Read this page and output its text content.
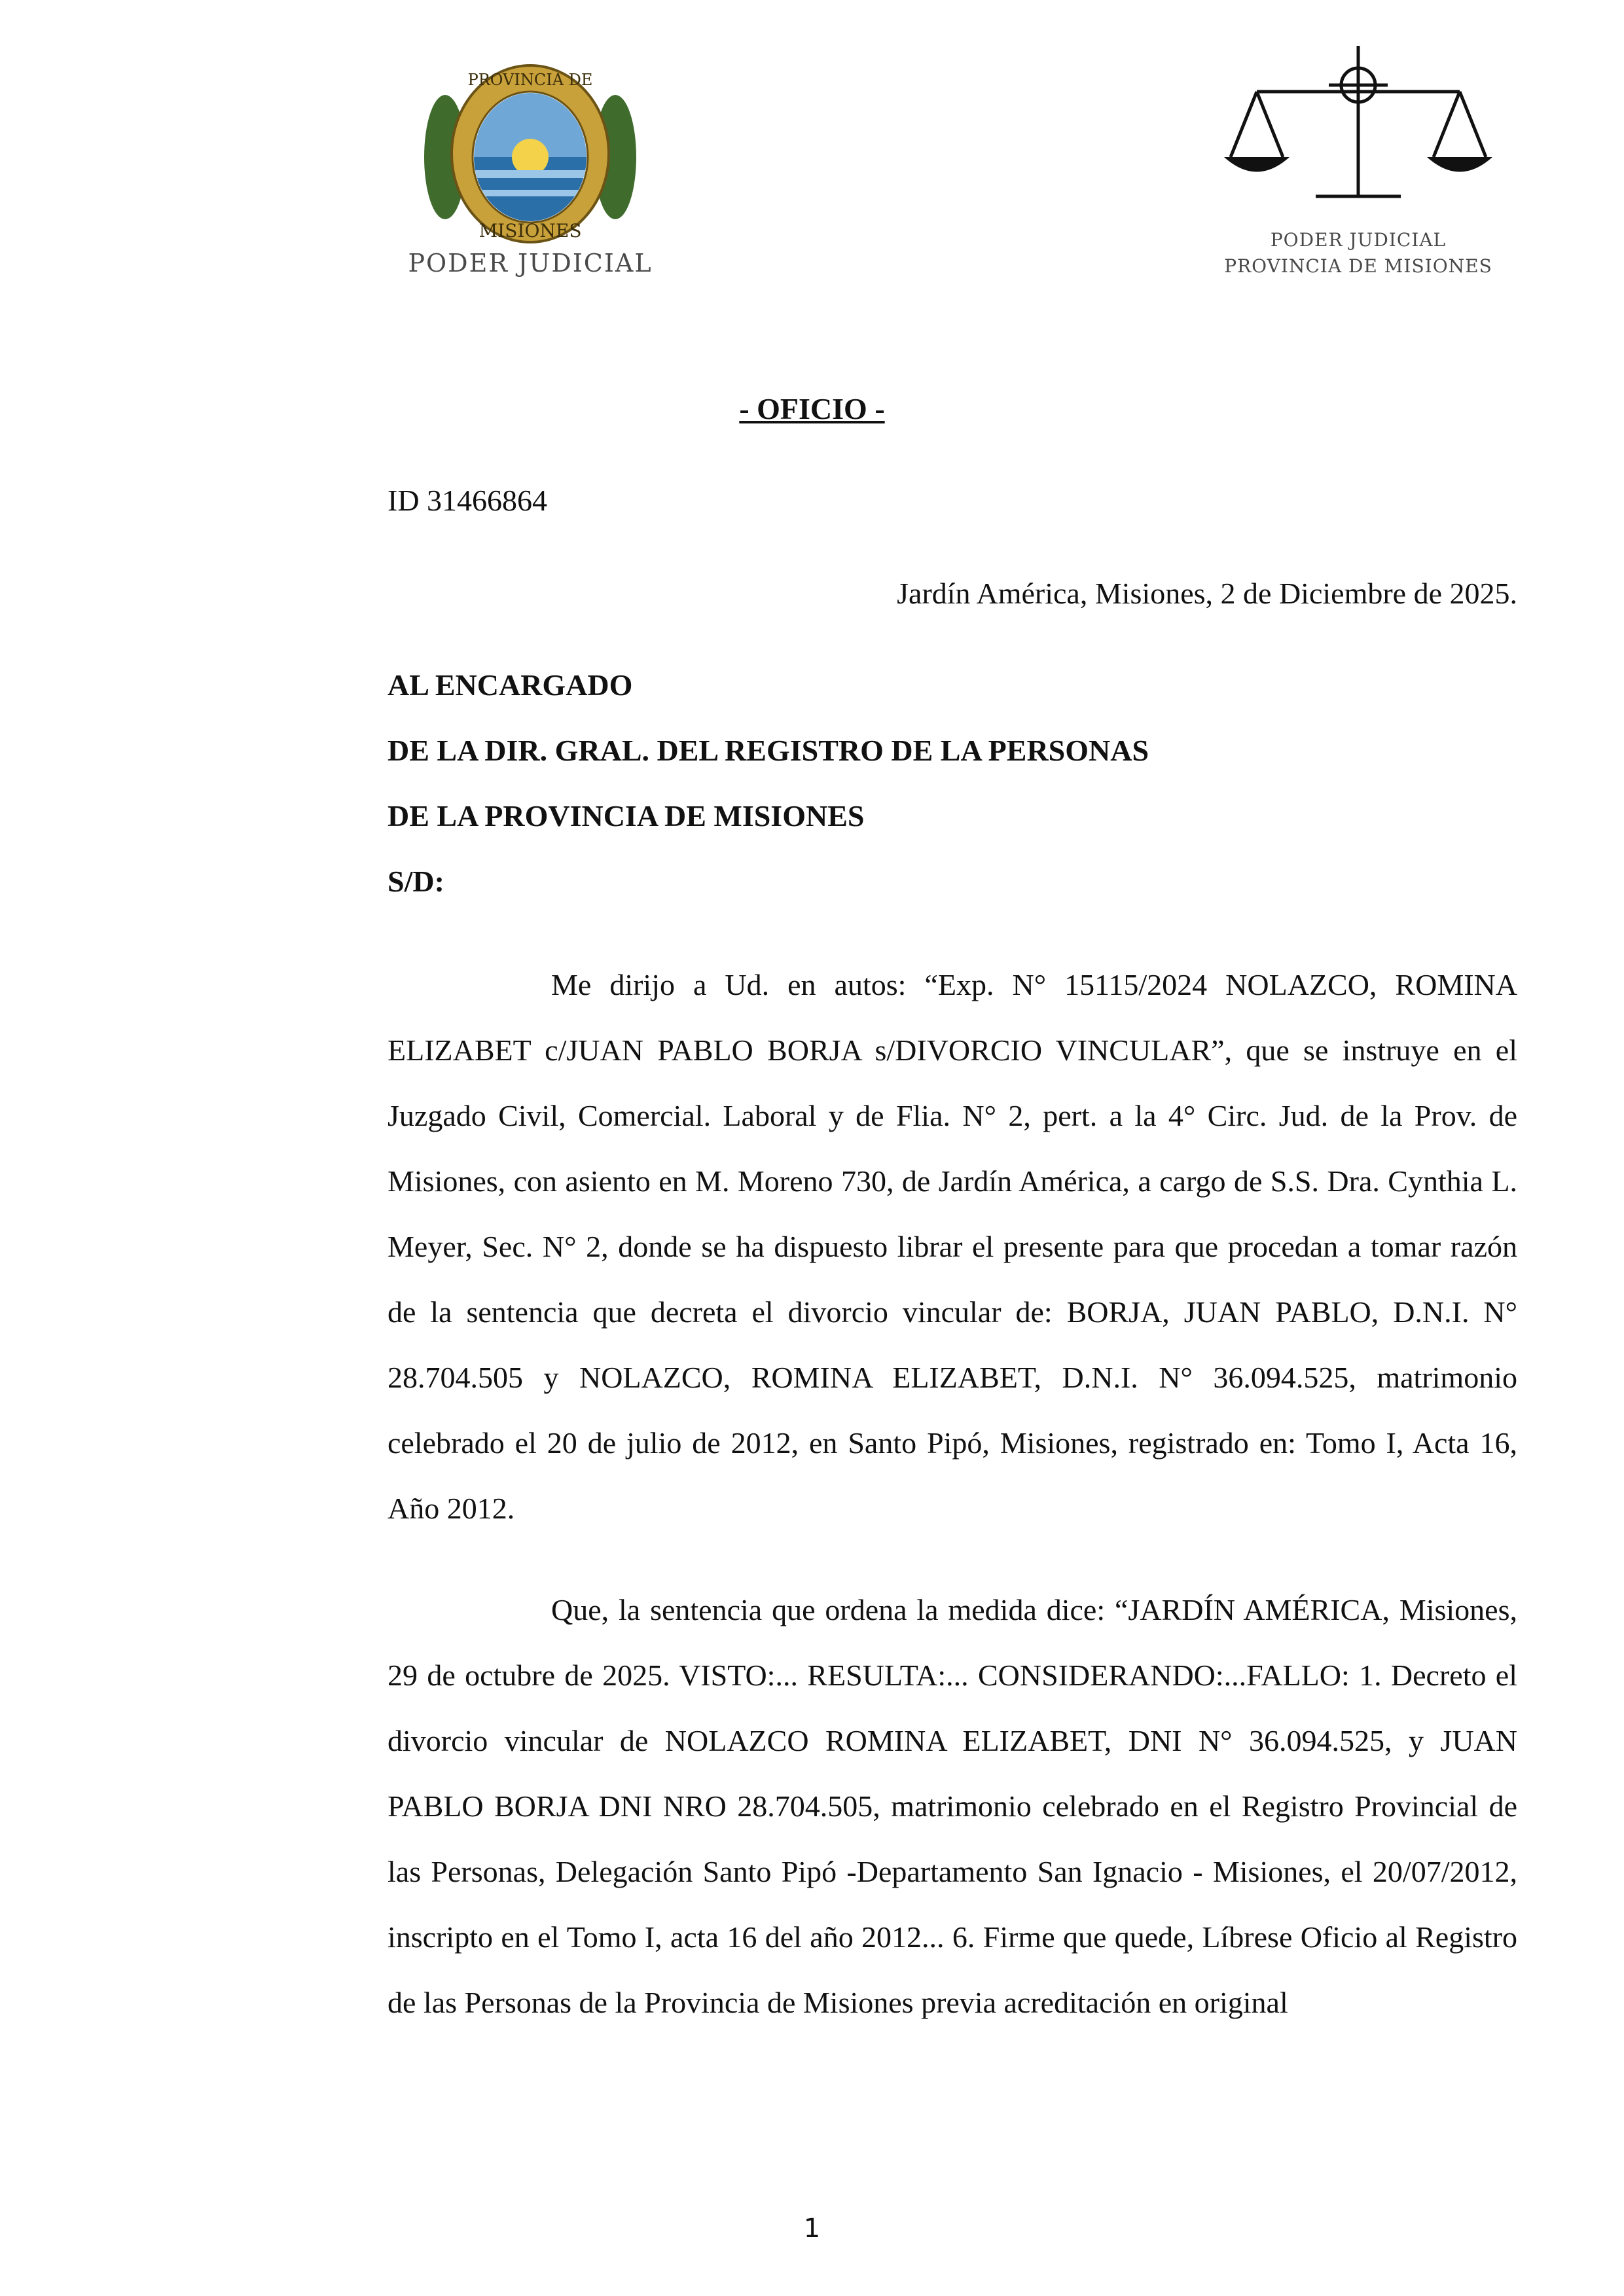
PROVINCIA DE
MISIONES
PODER JUDICIAL
PODER JUDICIAL
PROVINCIA DE MISIONES
- OFICIO -
ID 31466864
Jardín América, Misiones, 2 de Diciembre de 2025.
AL ENCARGADO
DE LA DIR. GRAL. DEL REGISTRO DE LA PERSONAS
DE LA PROVINCIA DE MISIONES
S/D:
Me dirijo a Ud. en autos: “Exp. N° 15115/2024 NOLAZCO, ROMINA ELIZABET c/JUAN PABLO BORJA s/DIVORCIO VINCULAR”, que se instruye en el Juzgado Civil, Comercial. Laboral y de Flia. N° 2, pert. a la 4° Circ. Jud. de la Prov. de Misiones, con asiento en M. Moreno 730, de Jardín América, a cargo de S.S. Dra. Cynthia L. Meyer, Sec. N° 2, donde se ha dispuesto librar el presente para que procedan a tomar razón de la sentencia que decreta el divorcio vincular de: BORJA, JUAN PABLO, D.N.I. N° 28.704.505 y NOLAZCO, ROMINA ELIZABET, D.N.I. N° 36.094.525, matrimonio celebrado el 20 de julio de 2012, en Santo Pipó, Misiones, registrado en: Tomo I, Acta 16, Año 2012.
Que, la sentencia que ordena la medida dice: “JARDÍN AMÉRICA, Misiones, 29 de octubre de 2025. VISTO:... RESULTA:... CONSIDERANDO:...FALLO: 1. Decreto el divorcio vincular de NOLAZCO ROMINA ELIZABET, DNI N° 36.094.525, y JUAN PABLO BORJA DNI NRO 28.704.505, matrimonio celebrado en el Registro Provincial de las Personas, Delegación Santo Pipó -Departamento San Ignacio - Misiones, el 20/07/2012, inscripto en el Tomo I, acta 16 del año 2012... 6. Firme que quede, Líbrese Oficio al Registro de las Personas de la Provincia de Misiones previa acreditación en original
1
